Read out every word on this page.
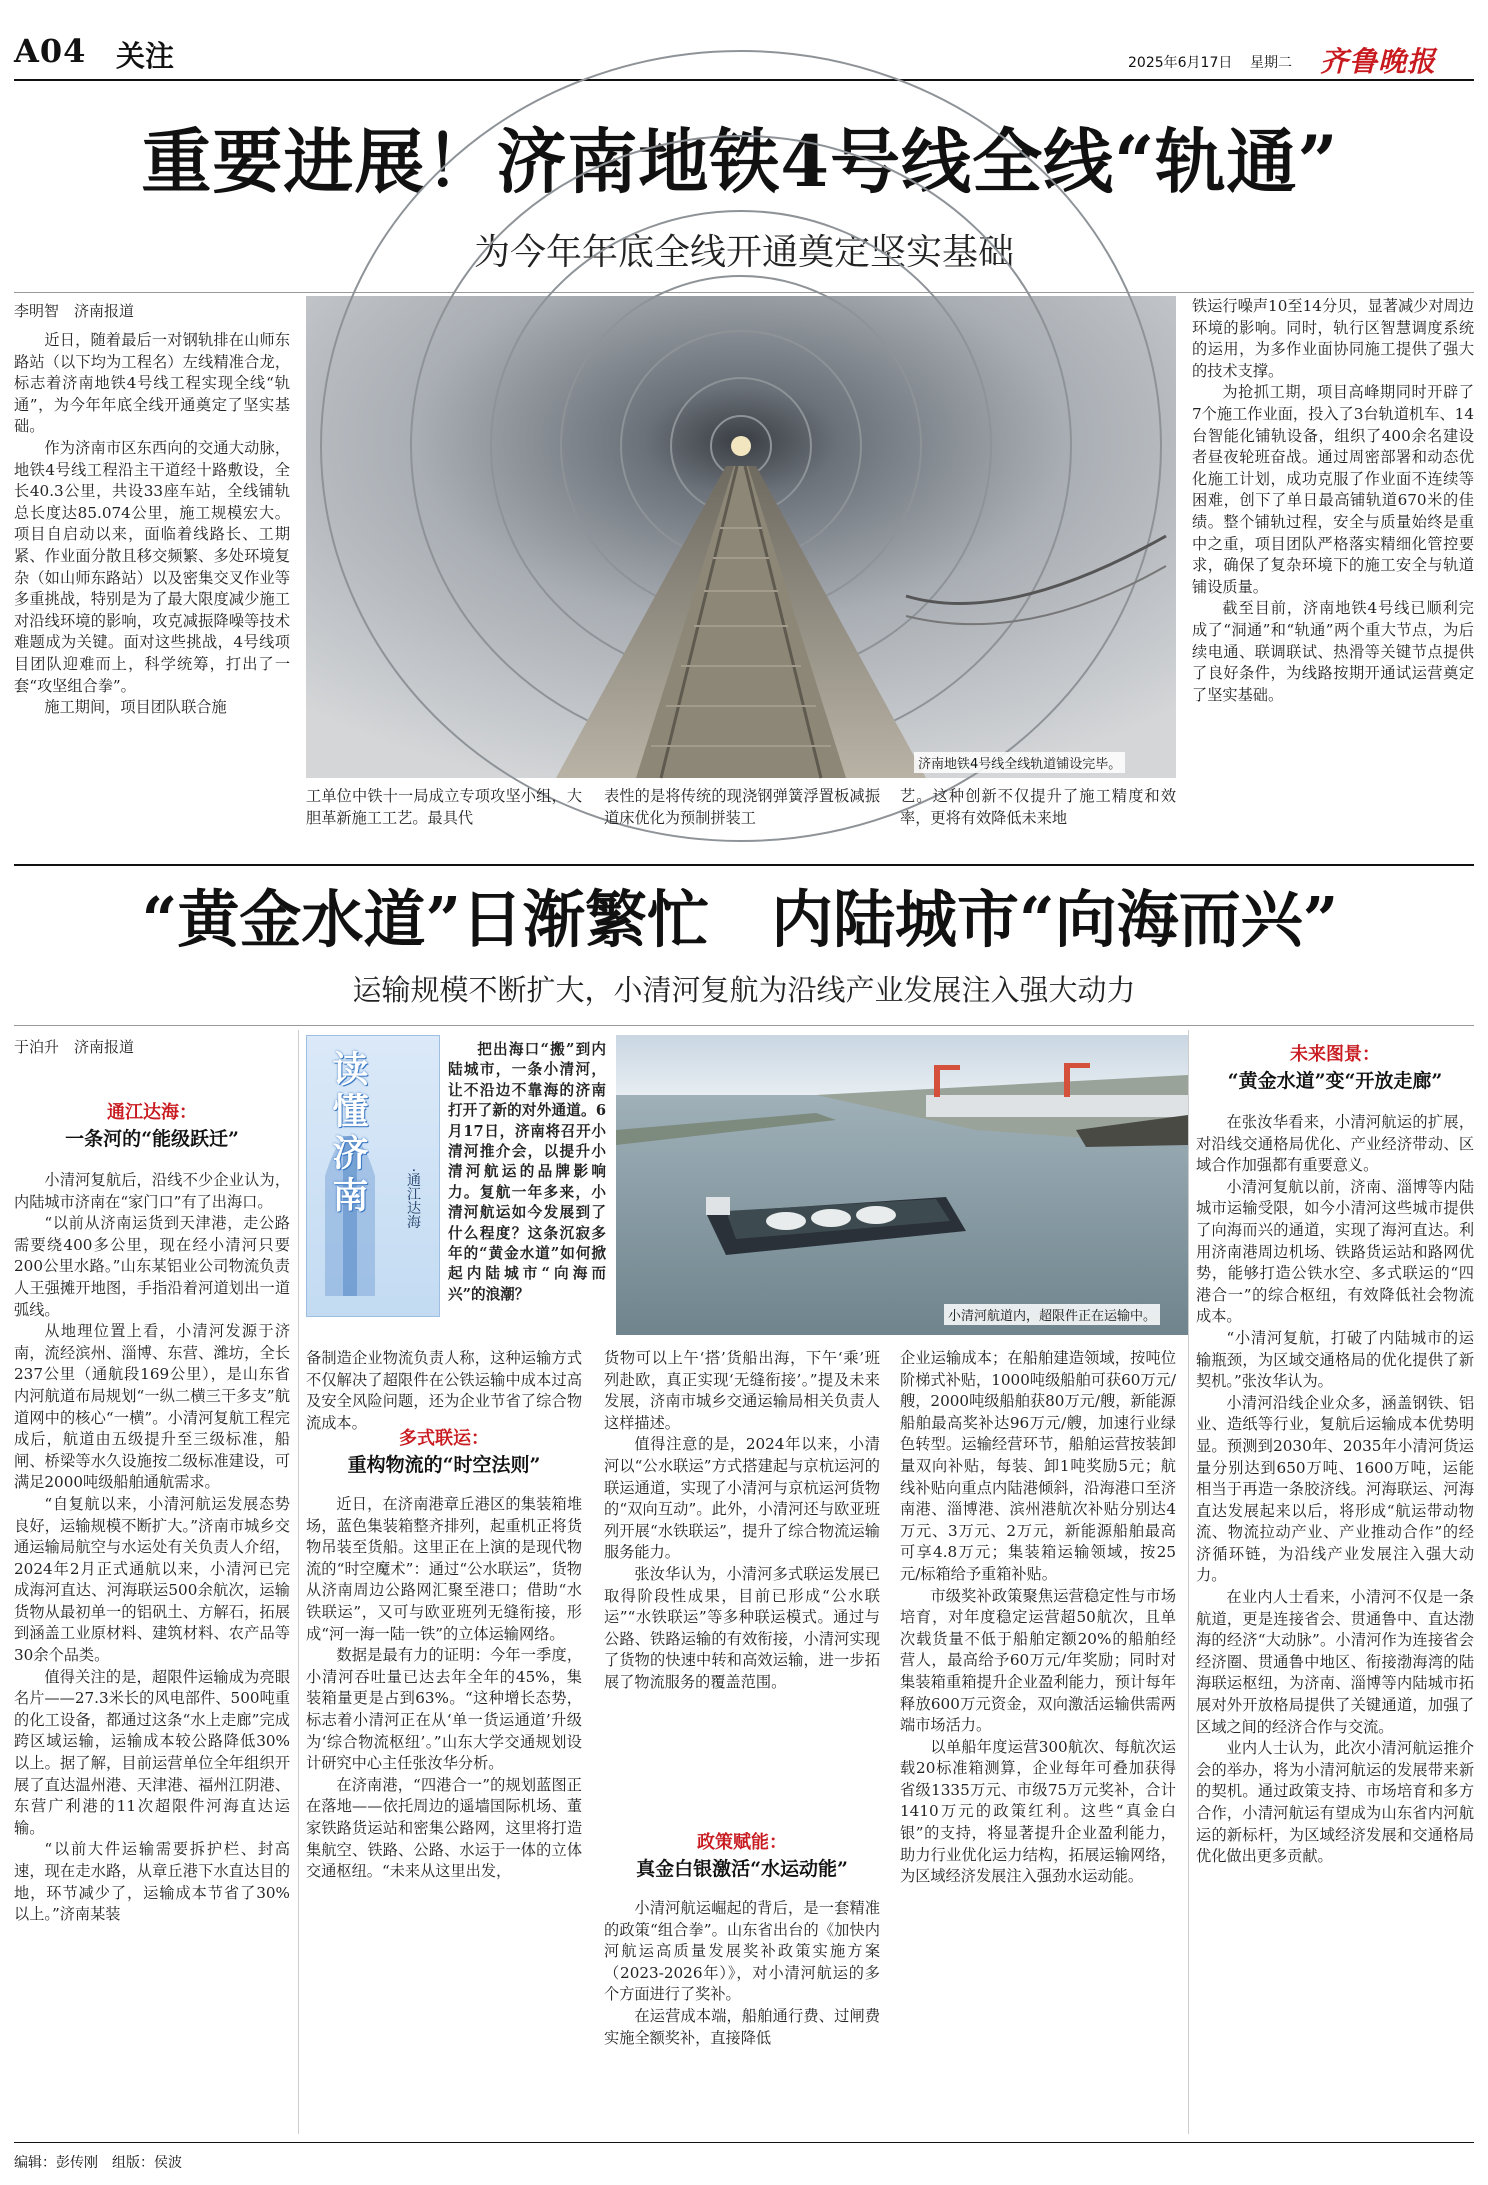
A04 关注	2025年6月17日 星期二 齐鲁晚报
重要进展！济南地铁4号线全线“轨通”
为今年年底全线开通奠定坚实基础
李明智　济南报道

近日，随着最后一对钢轨排在山师东路站（以下均为工程名）左线精准合龙，标志着济南地铁4号线工程实现全线“轨通”，为今年年底全线开通奠定了坚实基础。

作为济南市区东西向的交通大动脉，地铁4号线工程沿主干道经十路敷设，全长40.3公里，共设33座车站，全线铺轨总长度达85.074公里，施工规模宏大。项目自启动以来，面临着线路长、工期紧、作业面分散且移交频繁、多处环境复杂（如山师东路站）以及密集交叉作业等多重挑战，特别是为了最大限度减少施工对沿线环境的影响，攻克减振降噪等技术难题成为关键。面对这些挑战，4号线项目团队迎难而上，科学统筹，打出了一套“攻坚组合拳”。

施工期间，项目团队联合施

济南地铁4号线全线轨道铺设完毕。

工单位中铁十一局成立专项攻坚小组，大胆革新施工工艺。最具代

表性的是将传统的现浇钢弹簧浮置板减振道床优化为预制拼装工

艺。这种创新不仅提升了施工精度和效率，更将有效降低未来地

铁运行噪声10至14分贝，显著减少对周边环境的影响。同时，轨行区智慧调度系统的运用，为多作业面协同施工提供了强大的技术支撑。

为抢抓工期，项目高峰期同时开辟了7个施工作业面，投入了3台轨道机车、14台智能化铺轨设备，组织了400余名建设者昼夜轮班奋战。通过周密部署和动态优化施工计划，成功克服了作业面不连续等困难，创下了单日最高铺轨道670米的佳绩。整个铺轨过程，安全与质量始终是重中之重，项目团队严格落实精细化管控要求，确保了复杂环境下的施工安全与轨道铺设质量。

截至目前，济南地铁4号线已顺利完成了“洞通”和“轨通”两个重大节点，为后续电通、联调联试、热滑等关键节点提供了良好条件，为线路按期开通试运营奠定了坚实基础。

“黄金水道”日渐繁忙　内陆城市“向海而兴”
运输规模不断扩大，小清河复航为沿线产业发展注入强大动力
于泊升　济南报道
通江达海：
一条河的“能级跃迁”

小清河复航后，沿线不少企业认为，内陆城市济南在“家门口”有了出海口。

“以前从济南运货到天津港，走公路需要绕400多公里，现在经小清河只要200公里水路。”山东某铝业公司物流负责人王强摊开地图，手指沿着河道划出一道弧线。

从地理位置上看，小清河发源于济南，流经滨州、淄博、东营、潍坊，全长237公里（通航段169公里），是山东省内河航道布局规划“一纵二横三干多支”航道网中的核心“一横”。小清河复航工程完成后，航道由五级提升至三级标准，船闸、桥梁等水久设施按二级标准建设，可满足2000吨级船舶通航需求。

“自复航以来，小清河航运发展态势良好，运输规模不断扩大。”济南市城乡交通运输局航空与水运处有关负责人介绍，2024年2月正式通航以来，小清河已完成海河直达、河海联运500余航次，运输货物从最初单一的铝矾土、方解石，拓展到涵盖工业原材料、建筑材料、农产品等30余个品类。

值得关注的是，超限件运输成为亮眼名片——27.3米长的风电部件、500吨重的化工设备，都通过这条“水上走廊”完成跨区域运输，运输成本较公路降低30%以上。据了解，目前运营单位全年组织开展了直达温州港、天津港、福州江阴港、东营广利港的11次超限件河海直达运输。

“以前大件运输需要拆护栏、封高速，现在走水路，从章丘港下水直达目的地，环节减少了，运输成本节省了30%以上。”济南某装

读懂济南	·通江达海

把出海口“搬”到内陆城市，一条小清河，让不沿边不靠海的济南打开了新的对外通道。6月17日，济南将召开小清河推介会，以提升小清河航运的品牌影响力。复航一年多来，小清河航运如今发展到了什么程度？这条沉寂多年的“黄金水道”如何掀起内陆城市“向海而兴”的浪潮？

小清河航道内，超限件正在运输中。

备制造企业物流负责人称，这种运输方式不仅解决了超限件在公铁运输中成本过高及安全风险问题，还为企业节省了综合物流成本。

多式联运：
重构物流的“时空法则”

近日，在济南港章丘港区的集装箱堆场，蓝色集装箱整齐排列，起重机正将货物吊装至货船。这里正在上演的是现代物流的“时空魔术”：通过“公水联运”，货物从济南周边公路网汇聚至港口；借助“水铁联运”，又可与欧亚班列无缝衔接，形成“河一海一陆一铁”的立体运输网络。

数据是最有力的证明：今年一季度，小清河吞吐量已达去年全年的45%，集装箱量更是占到63%。“这种增长态势，标志着小清河正在从‘单一货运通道’升级为‘综合物流枢纽’。”山东大学交通规划设计研究中心主任张汝华分析。

在济南港，“四港合一”的规划蓝图正在落地——依托周边的遥墙国际机场、董家铁路货运站和密集公路网，这里将打造集航空、铁路、公路、水运于一体的立体交通枢纽。“未来从这里出发，

货物可以上午‘搭’货船出海，下午‘乘’班列赴欧，真正实现‘无缝衔接’。”提及未来发展，济南市城乡交通运输局相关负责人这样描述。

值得注意的是，2024年以来，小清河以“公水联运”方式搭建起与京杭运河的联运通道，实现了小清河与京杭运河货物的“双向互动”。此外，小清河还与欧亚班列开展“水铁联运”，提升了综合物流运输服务能力。

张汝华认为，小清河多式联运发展已取得阶段性成果，目前已形成“公水联运”“水铁联运”等多种联运模式。通过与公路、铁路运输的有效衔接，小清河实现了货物的快速中转和高效运输，进一步拓展了物流服务的覆盖范围。

政策赋能：
真金白银激活“水运动能”

小清河航运崛起的背后，是一套精准的政策“组合拳”。山东省出台的《加快内河航运高质量发展奖补政策实施方案（2023-2026年）》，对小清河航运的多个方面进行了奖补。

在运营成本端，船舶通行费、过闸费实施全额奖补，直接降低

企业运输成本；在船舶建造领域，按吨位阶梯式补贴，1000吨级船舶可获60万元/艘，2000吨级船舶获80万元/艘，新能源船舶最高奖补达96万元/艘，加速行业绿色转型。运输经营环节，船舶运营按装卸量双向补贴，每装、卸1吨奖励5元；航线补贴向重点内陆港倾斜，沿海港口至济南港、淄博港、滨州港航次补贴分别达4万元、3万元、2万元，新能源船舶最高可享4.8万元；集装箱运输领域，按25元/标箱给予重箱补贴。

市级奖补政策聚焦运营稳定性与市场培育，对年度稳定运营超50航次，且单次载货量不低于船舶定额20%的船舶经营人，最高给予60万元/年奖励；同时对集装箱重箱提升企业盈利能力，预计每年释放600万元资金，双向激活运输供需两端市场活力。

以单船年度运营300航次、每航次运载20标准箱测算，企业每年可叠加获得省级1335万元、市级75万元奖补，合计1410万元的政策红利。这些“真金白银”的支持，将显著提升企业盈利能力，助力行业优化运力结构，拓展运输网络，为区域经济发展注入强劲水运动能。

未来图景：
“黄金水道”变“开放走廊”

在张汝华看来，小清河航运的扩展，对沿线交通格局优化、产业经济带动、区域合作加强都有重要意义。

小清河复航以前，济南、淄博等内陆城市运输受限，如今小清河这些城市提供了向海而兴的通道，实现了海河直达。利用济南港周边机场、铁路货运站和路网优势，能够打造公铁水空、多式联运的“四港合一”的综合枢纽，有效降低社会物流成本。

“小清河复航，打破了内陆城市的运输瓶颈，为区域交通格局的优化提供了新契机。”张汝华认为。

小清河沿线企业众多，涵盖钢铁、铝业、造纸等行业，复航后运输成本优势明显。预测到2030年、2035年小清河货运量分别达到650万吨、1600万吨，运能相当于再造一条胶济线。河海联运、河海直达发展起来以后，将形成“航运带动物流、物流拉动产业、产业推动合作”的经济循环链，为沿线产业发展注入强大动力。

在业内人士看来，小清河不仅是一条航道，更是连接省会、贯通鲁中、直达渤海的经济“大动脉”。小清河作为连接省会经济圈、贯通鲁中地区、衔接渤海湾的陆海联运枢纽，为济南、淄博等内陆城市拓展对外开放格局提供了关键通道，加强了区域之间的经济合作与交流。

业内人士认为，此次小清河航运推介会的举办，将为小清河航运的发展带来新的契机。通过政策支持、市场培育和多方合作，小清河航运有望成为山东省内河航运的新标杆，为区域经济发展和交通格局优化做出更多贡献。

编辑：彭传刚　组版：侯波
